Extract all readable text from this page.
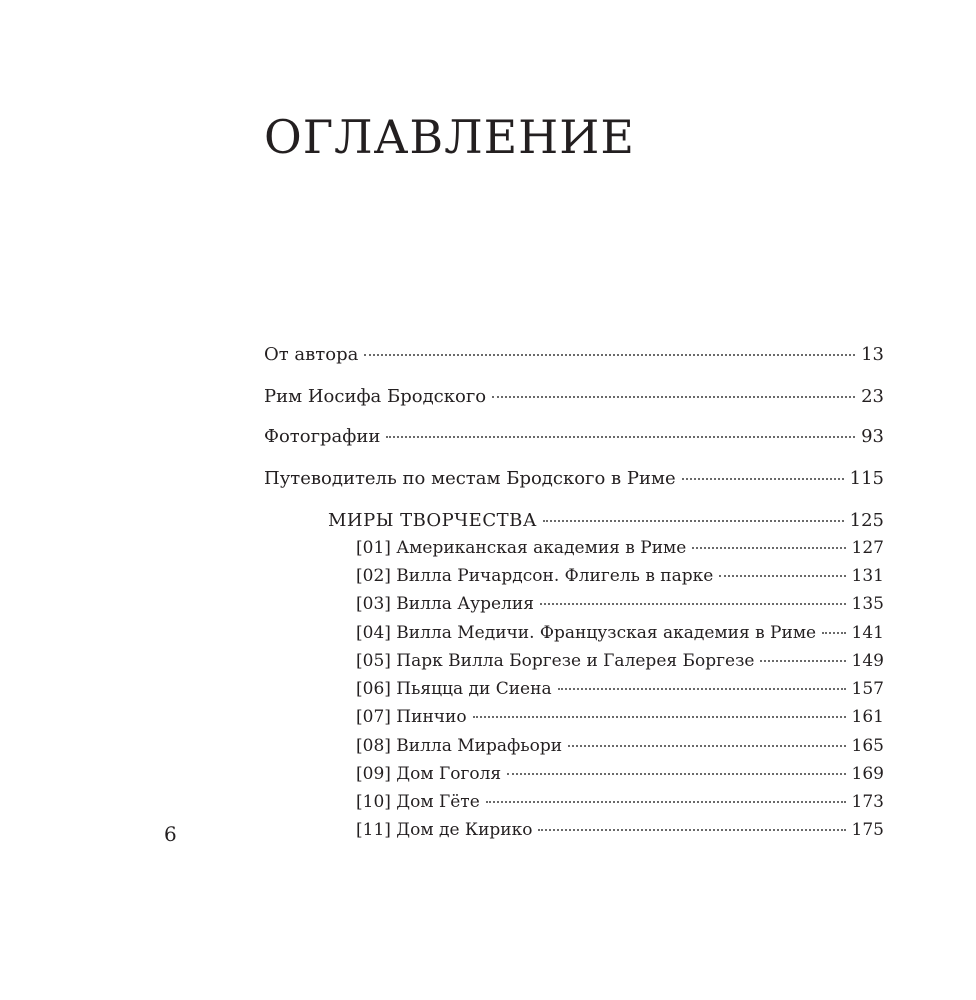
ОГЛАВЛЕНИЕ
От автора	13
Рим Иосифа Бродского	23
Фотографии	93
Путеводитель по местам Бродского в Риме	115
МИРЫ ТВОРЧЕСТВА	125
[01] Американская академия в Риме	127
[02] Вилла Ричардсон. Флигель в парке	131
[03] Вилла Аурелия	135
[04] Вилла Медичи. Французская академия в Риме 141
[05] Парк Вилла Боргезе и Галерея Боргезе	149
[06] Пьяцца ди Сиена	157
[07] Пинчио	161
[08] Вилла Мирафьори	165
[09] Дом Гоголя	169
[10] Дом Гёте	173
[11] Дом де Кирико	175
6
